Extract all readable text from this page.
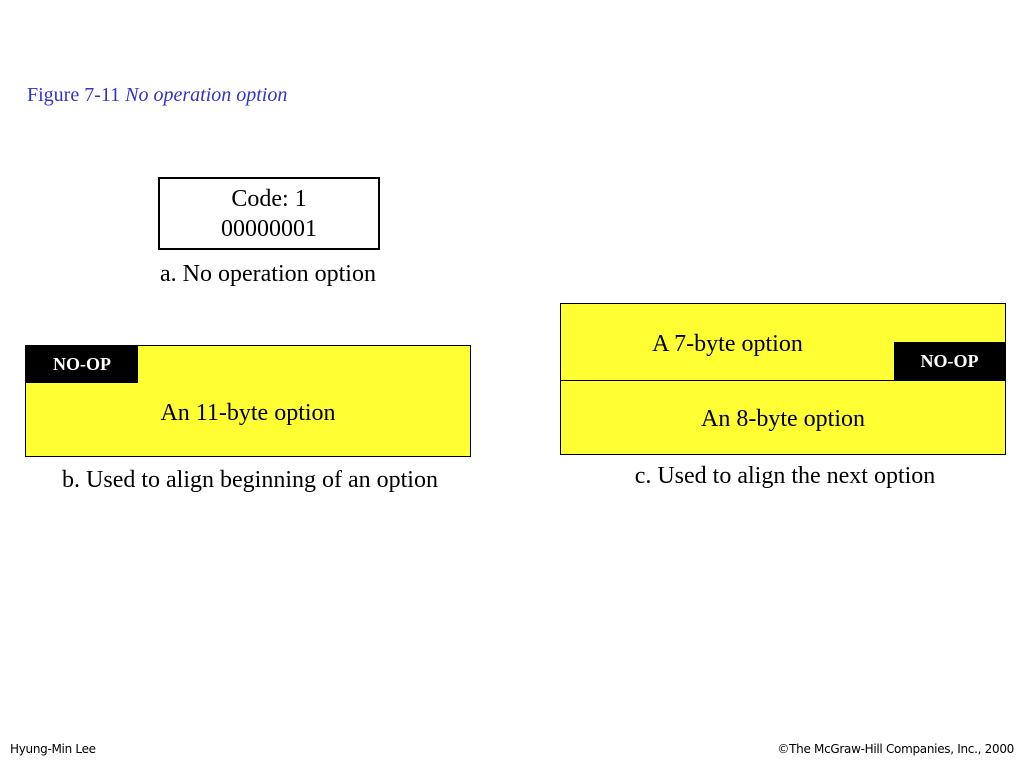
Figure 7-11 No operation option
Code: 1
00000001
a. No operation option
NO-OP
An 11-byte option
b. Used to align beginning of an option
A 7-byte option
NO-OP
An 8-byte option
c. Used to align the next option
Hyung-Min Lee	©The McGraw-Hill Companies, Inc., 2000
